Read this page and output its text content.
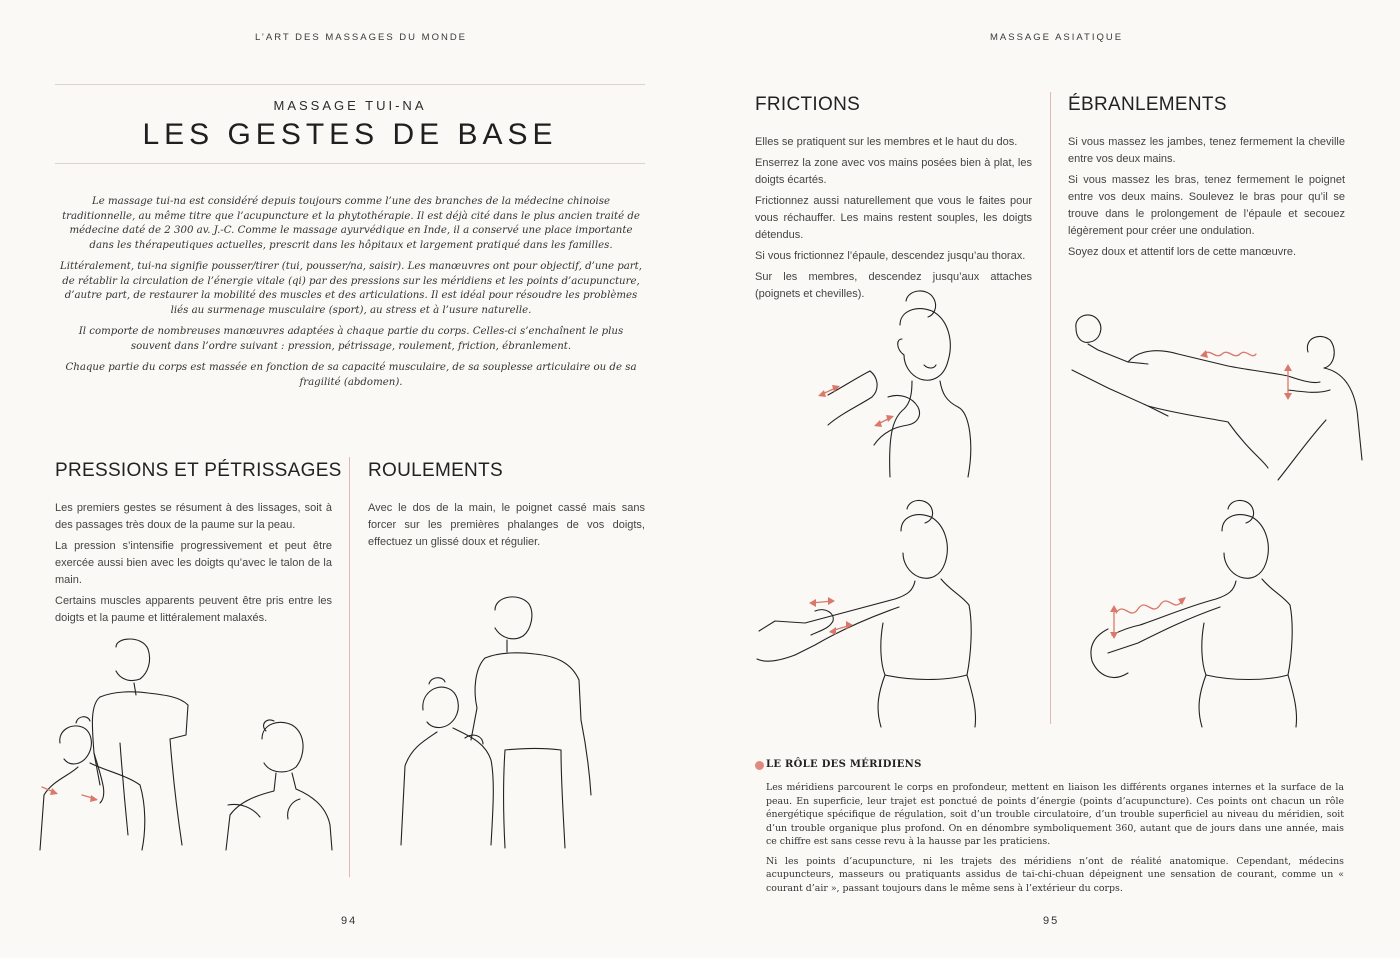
L’ART DES MASSAGES DU MONDE
MASSAGE TUI-NA
LES GESTES DE BASE

Le massage tui-na est considéré depuis toujours comme l’une des branches de la médecine chinoise traditionnelle, au même titre que l’acupuncture et la phytothérapie. Il est déjà cité dans le plus ancien traité de médecine daté de 2 300 av. J.-C. Comme le massage ayurvédique en Inde, il a conservé une place importante dans les thérapeutiques actuelles, prescrit dans les hôpitaux et largement pratiqué dans les familles.

Littéralement, tui-na signifie pousser/tirer (tui, pousser/na, saisir). Les manœuvres ont pour objectif, d’une part, de rétablir la circulation de l’énergie vitale (qi) par des pressions sur les méridiens et les points d’acupuncture, d’autre part, de restaurer la mobilité des muscles et des articulations. Il est idéal pour résoudre les problèmes liés au surmenage musculaire (sport), au stress et à l’usure naturelle.

Il comporte de nombreuses manœuvres adaptées à chaque partie du corps. Celles-ci s’enchaînent le plus souvent dans l’ordre suivant : pression, pétrissage, roulement, friction, ébranlement.

Chaque partie du corps est massée en fonction de sa capacité musculaire, de sa souplesse articulaire ou de sa fragilité (abdomen).

PRESSIONS ET PÉTRISSAGES

Les premiers gestes se résument à des lissages, soit à des passages très doux de la paume sur la peau.

La pression s’intensifie progressivement et peut être exercée aussi bien avec les doigts qu’avec le talon de la main.

Certains muscles apparents peuvent être pris entre les doigts et la paume et littéralement malaxés.

ROULEMENTS

Avec le dos de la main, le poignet cassé mais sans forcer sur les premières phalanges de vos doigts, effectuez un glissé doux et régulier.

94
MASSAGE ASIATIQUE
FRICTIONS

Elles se pratiquent sur les membres et le haut du dos.

Enserrez la zone avec vos mains posées bien à plat, les doigts écartés.

Frictionnez aussi naturellement que vous le faites pour vous réchauffer. Les mains restent souples, les doigts détendus.

Si vous frictionnez l’épaule, descendez jusqu’au thorax.

Sur les membres, descendez jusqu’aux attaches (poignets et chevilles).

ÉBRANLEMENTS

Si vous massez les jambes, tenez fermement la cheville entre vos deux mains.

Si vous massez les bras, tenez fermement le poignet entre vos deux mains. Soulevez le bras pour qu’il se trouve dans le prolongement de l’épaule et secouez légèrement pour créer une ondulation.

Soyez doux et attentif lors de cette manœuvre.

LE RÔLE DES MÉRIDIENS

Les méridiens parcourent le corps en profondeur, mettent en liaison les différents organes internes et la surface de la peau. En superficie, leur trajet est ponctué de points d’énergie (points d’acupuncture). Ces points ont chacun un rôle énergétique spécifique de régulation, soit d’un trouble circulatoire, d’un trouble superficiel au niveau du méridien, soit d’un trouble organique plus profond. On en dénombre symboliquement 360, autant que de jours dans une année, mais ce chiffre est sans cesse revu à la hausse par les praticiens.

Ni les points d’acupuncture, ni les trajets des méridiens n’ont de réalité anatomique. Cependant, médecins acupuncteurs, masseurs ou pratiquants assidus de tai-chi-chuan dépeignent une sensation de courant, comme un « courant d’air », passant toujours dans le même sens à l’extérieur du corps.

95
